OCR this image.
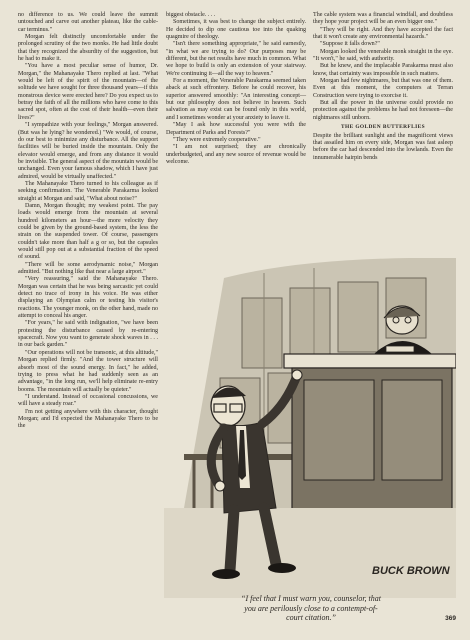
no difference to us. We could leave the summit untouched and carve out another plateau, like the cable-car terminus."

Morgan felt distinctly uncomfortable under the prolonged scrutiny of the two monks. He had little doubt that they recognized the absurdity of the suggestion, but he had to make it.

"You have a most peculiar sense of humor, Dr. Morgan," the Mahanayake Thero replied at last. "What would be left of the spirit of the mountain—of the solitude we have sought for three thousand years—if this monstrous device were erected here? Do you expect us to betray the faith of all the millions who have come to this sacred spot, often at the cost of their health—even their lives?"

"I sympathize with your feelings," Morgan answered. (But was he lying? he wondered.) "We would, of course, do our best to minimize any disturbance. All the support facilities will be buried inside the mountain. Only the elevator would emerge, and from any distance it would be invisible. The general aspect of the mountain would be unchanged. Even your famous shadow, which I have just admired, would be virtually unaffected."

The Mahanayake Thero turned to his colleague as if seeking confirmation. The Venerable Parakarma looked straight at Morgan and said, "What about noise?"

Damn, Morgan thought; my weakest point. The pay loads would emerge from the mountain at several hundred kilometers an hour—the more velocity they could be given by the ground-based system, the less the strain on the suspended tower. Of course, passengers couldn't take more than half a g or so, but the capsules would still pop out at a substantial fraction of the speed of sound.

"There will be some aerodynamic noise," Morgan admitted. "But nothing like that near a large airport."

"Very reassuring," said the Mahanayake Thero. Morgan was certain that he was being sarcastic yet could detect no trace of irony in his voice. He was either displaying an Olympian calm or testing his visitor's reactions. The younger monk, on the other hand, made no attempt to conceal his anger.

"For years," he said with indignation, "we have been protesting the disturbance caused by re-entering spacecraft. Now you want to generate shock waves in . . . in our back garden."

"Our operations will not be transonic, at this altitude," Morgan replied firmly. "And the tower structure will absorb most of the sound energy. In fact," he added, trying to press what he had suddenly seen as an advantage, "in the long run, we'll help eliminate re-entry booms. The mountain will actually be quieter."

"I understand. Instead of occasional concussions, we will have a steady roar."

I'm not getting anywhere with this character, thought Morgan; and I'd expected the Mahanayake Thero to be the

biggest obstacle. . . .

Sometimes, it was best to change the subject entirely. He decided to dip one cautious toe into the quaking quagmire of theology.

"Isn't there something appropriate," he said earnestly, "in what we are trying to do? Our purposes may be different, but the net results have much in common. What we hope to build is only an extension of your stairway. We're continuing it—all the way to heaven."

For a moment, the Venerable Parakarma seemed taken aback at such effrontery. Before he could recover, his superior answered smoothly: "An interesting concept—but our philosophy does not believe in heaven. Such salvation as may exist can be found only in this world, and I sometimes wonder at your anxiety to leave it.

"May I ask how successful you were with the Department of Parks and Forests?"

"They were extremely cooperative."

"I am not surprised; they are chronically underbudgeted, and any new source of revenue would be welcome.

The cable system was a financial windfall, and doubtless they hope your project will be an even bigger one."

"They will be right. And they have accepted the fact that it won't create any environmental hazards."

"Suppose it falls down?"

Morgan looked the venerable monk straight in the eye. "It won't," he said, with authority.

But he knew, and the implacable Parakarma must also know, that certainty was impossible in such matters.

Morgan had few nightmares, but that was one of them. Even at this moment, the computers at Terran Construction were trying to exorcise it.

But all the power in the universe could provide no protection against the problems he had not foreseen—the nightmares still unborn.

THE GOLDEN BUTTERFLIES

Despite the brilliant sunlight and the magnificent views that assailed him on every side, Morgan was fast asleep before the car had descended into the lowlands. Even the innumerable hairpin bends

BUCK BROWN
“I feel that I must warn you, counselor, that you are perilously close to a contempt-of-court citation.”	369
